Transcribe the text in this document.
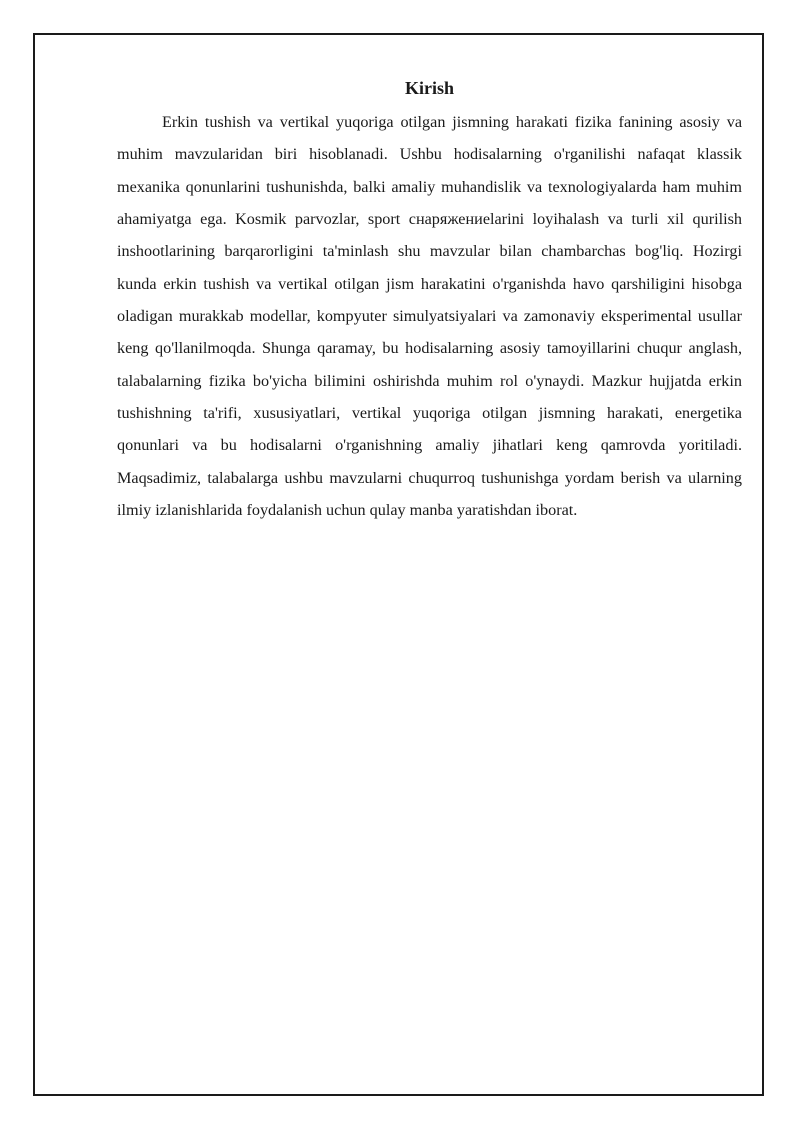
Kirish

Erkin tushish va vertikal yuqoriga otilgan jismning harakati fizika fanining asosiy va muhim mavzularidan biri hisoblanadi. Ushbu hodisalarning o'rganilishi nafaqat klassik mexanika qonunlarini tushunishda, balki amaliy muhandislik va texnologiyalarda ham muhim ahamiyatga ega. Kosmik parvozlar, sport снаряжениelarini loyihalash va turli xil qurilish inshootlarining barqarorligini ta'minlash shu mavzular bilan chambarchas bog'liq. Hozirgi kunda erkin tushish va vertikal otilgan jism harakatini o'rganishda havo qarshiligini hisobga oladigan murakkab modellar, kompyuter simulyatsiyalari va zamonaviy eksperimental usullar keng qo'llanilmoqda. Shunga qaramay, bu hodisalarning asosiy tamoyillarini chuqur anglash, talabalarning fizika bo'yicha bilimini oshirishda muhim rol o'ynaydi. Mazkur hujjatda erkin tushishning ta'rifi, xususiyatlari, vertikal yuqoriga otilgan jismning harakati, energetika qonunlari va bu hodisalarni o'rganishning amaliy jihatlari keng qamrovda yoritiladi. Maqsadimiz, talabalarga ushbu mavzularni chuqurroq tushunishga yordam berish va ularning ilmiy izlanishlarida foydalanish uchun qulay manba yaratishdan iborat.
